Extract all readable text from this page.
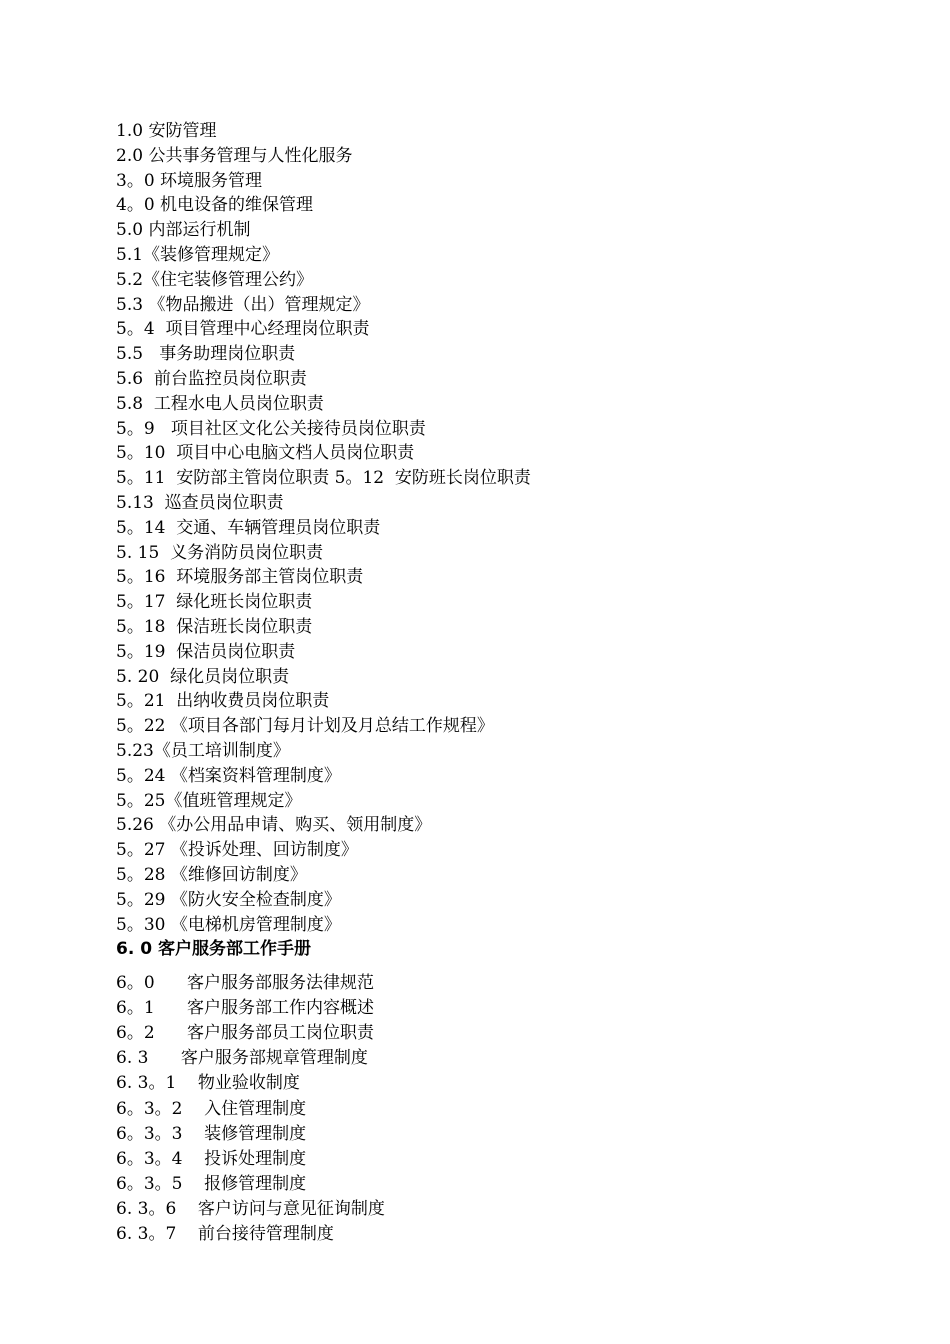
1.0 安防管理
2.0 公共事务管理与人性化服务
3。0 环境服务管理
4。0 机电设备的维保管理
5.0 内部运行机制
5.1《装修管理规定》
5.2《住宅装修管理公约》
5.3 《物品搬进（出）管理规定》
5。4  项目管理中心经理岗位职责
5.5   事务助理岗位职责
5.6  前台监控员岗位职责
5.8  工程水电人员岗位职责
5。9   项目社区文化公关接待员岗位职责
5。10  项目中心电脑文档人员岗位职责
5。11  安防部主管岗位职责 5。12  安防班长岗位职责
5.13  巡查员岗位职责
5。14  交通、车辆管理员岗位职责
5. 15  义务消防员岗位职责
5。16  环境服务部主管岗位职责
5。17  绿化班长岗位职责
5。18  保洁班长岗位职责
5。19  保洁员岗位职责
5. 20  绿化员岗位职责
5。21  出纳收费员岗位职责
5。22 《项目各部门每月计划及月总结工作规程》
5.23《员工培训制度》
5。24 《档案资料管理制度》
5。25《值班管理规定》
5.26 《办公用品申请、购买、领用制度》
5。27 《投诉处理、回访制度》
5。28 《维修回访制度》
5。29 《防火安全检查制度》
5。30 《电梯机房管理制度》
6. 0 客户服务部工作手册
6。0      客户服务部服务法律规范
6。1      客户服务部工作内容概述
6。2      客户服务部员工岗位职责
6. 3      客户服务部规章管理制度
6. 3。1    物业验收制度
6。3。2    入住管理制度
6。3。3    装修管理制度
6。3。4    投诉处理制度
6。3。5    报修管理制度
6. 3。6    客户访问与意见征询制度
6. 3。7    前台接待管理制度
